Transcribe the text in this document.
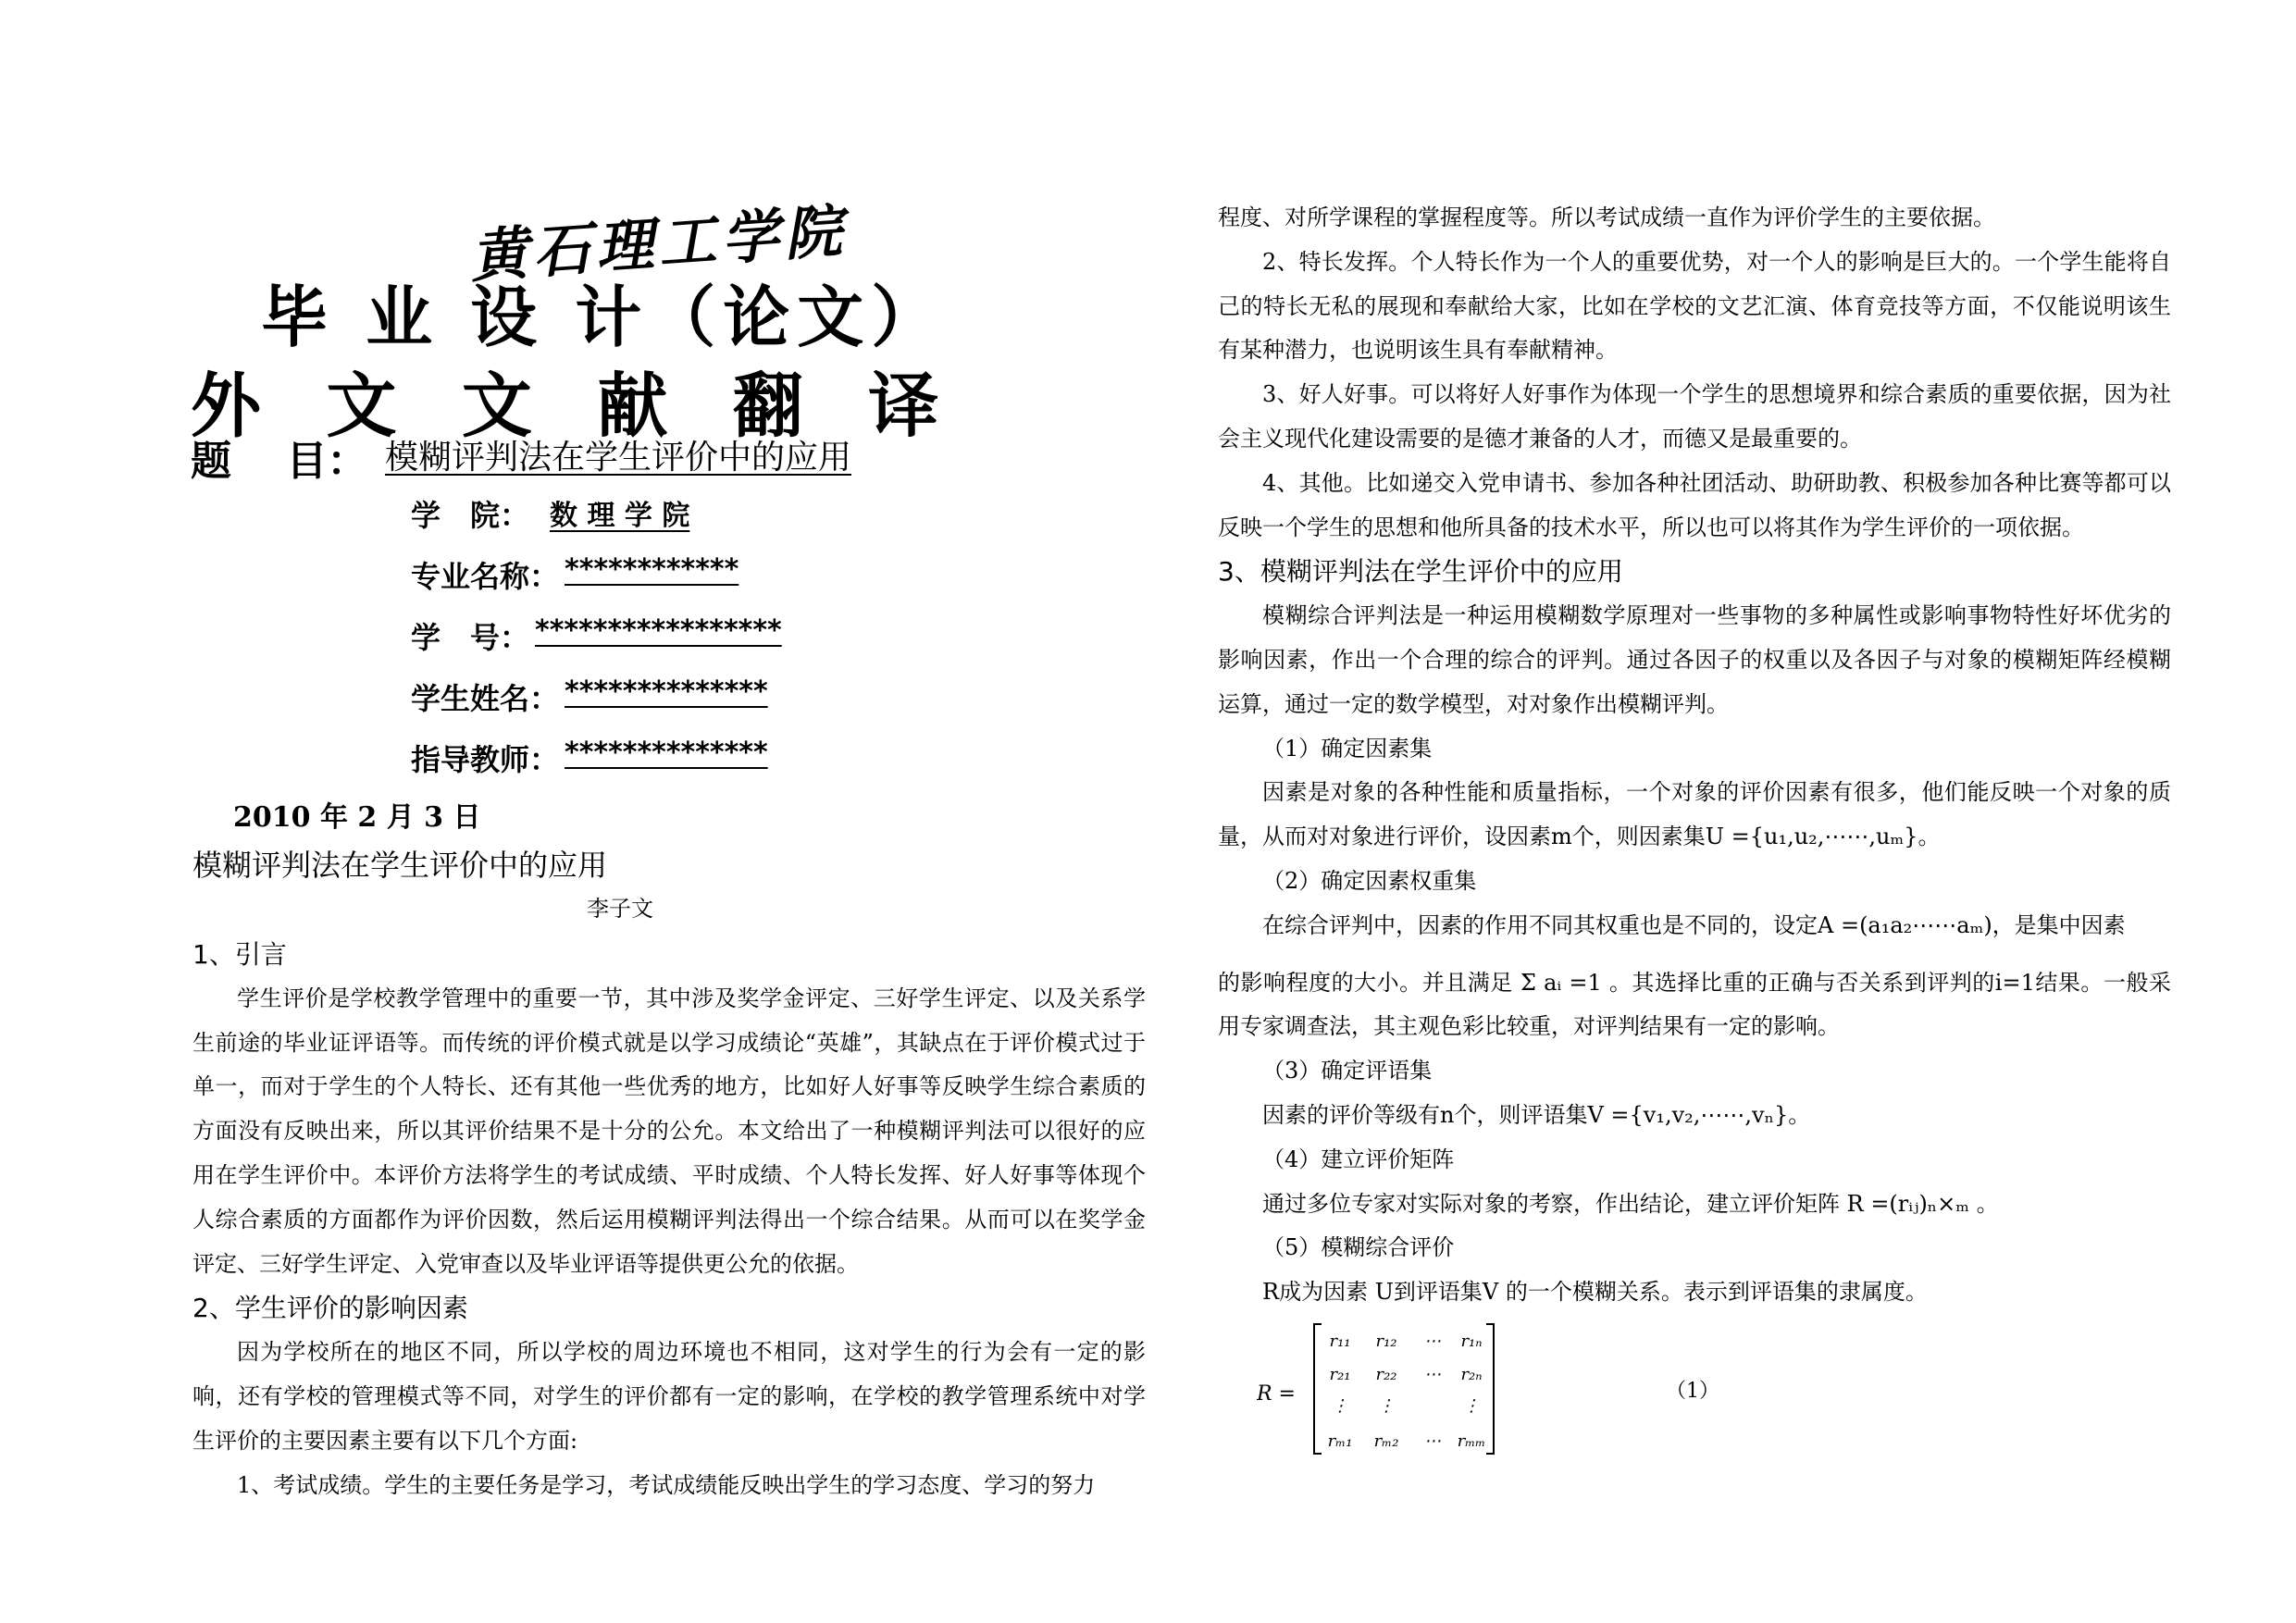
黄石理工学院
毕 业 设 计（论文）
外 文 文 献 翻 译
题　 目： 模糊评判法在学生评价中的应用
学　院： 数 理 学 院
专业名称： ************
学　号： *****************
学生姓名： **************
指导教师： **************
2010 年 2 月 3 日
模糊评判法在学生评价中的应用
李子文
1、引言

学生评价是学校教学管理中的重要一节，其中涉及奖学金评定、三好学生评定、以及关系学生前途的毕业证评语等。而传统的评价模式就是以学习成绩论“英雄”，其缺点在于评价模式过于单一，而对于学生的个人特长、还有其他一些优秀的地方，比如好人好事等反映学生综合素质的方面没有反映出来，所以其评价结果不是十分的公允。本文给出了一种模糊评判法可以很好的应用在学生评价中。本评价方法将学生的考试成绩、平时成绩、个人特长发挥、好人好事等体现个人综合素质的方面都作为评价因数，然后运用模糊评判法得出一个综合结果。从而可以在奖学金评定、三好学生评定、入党审查以及毕业评语等提供更公允的依据。

2、学生评价的影响因素

因为学校所在的地区不同，所以学校的周边环境也不相同，这对学生的行为会有一定的影响，还有学校的管理模式等不同，对学生的评价都有一定的影响，在学校的教学管理系统中对学生评价的主要因素主要有以下几个方面:

1、考试成绩。学生的主要任务是学习，考试成绩能反映出学生的学习态度、学习的努力

程度、对所学课程的掌握程度等。所以考试成绩一直作为评价学生的主要依据。

2、特长发挥。个人特长作为一个人的重要优势，对一个人的影响是巨大的。一个学生能将自己的特长无私的展现和奉献给大家，比如在学校的文艺汇演、体育竞技等方面，不仅能说明该生有某种潜力，也说明该生具有奉献精神。

3、好人好事。可以将好人好事作为体现一个学生的思想境界和综合素质的重要依据，因为社会主义现代化建设需要的是德才兼备的人才，而德又是最重要的。

4、其他。比如递交入党申请书、参加各种社团活动、助研助教、积极参加各种比赛等都可以反映一个学生的思想和他所具备的技术水平，所以也可以将其作为学生评价的一项依据。

3、模糊评判法在学生评价中的应用

模糊综合评判法是一种运用模糊数学原理对一些事物的多种属性或影响事物特性好坏优劣的影响因素，作出一个合理的综合的评判。通过各因子的权重以及各因子与对象的模糊矩阵经模糊运算，通过一定的数学模型，对对象作出模糊评判。

（1）确定因素集

因素是对象的各种性能和质量指标，一个对象的评价因素有很多，他们能反映一个对象的质量，从而对对象进行评价，设因素m个，则因素集U ={u₁,u₂,⋯⋯,uₘ}。

（2）确定因素权重集

在综合评判中，因素的作用不同其权重也是不同的，设定A =(a₁a₂⋯⋯aₘ)，是集中因素

的影响程度的大小。并且满足 Σ aᵢ =1 。其选择比重的正确与否关系到评判的i=1结果。一般采用专家调查法，其主观色彩比较重，对评判结果有一定的影响。

（3）确定评语集

因素的评价等级有n个，则评语集V ={v₁,v₂,⋯⋯,vₙ}。

（4）建立评价矩阵

通过多位专家对实际对象的考察，作出结论，建立评价矩阵 R =(rᵢⱼ)ₙ×ₘ 。

（5）模糊综合评价

R成为因素 U到评语集V 的一个模糊关系。表示到评语集的隶属度。

R =
r₁₁ r₁₂ ⋯ r₁ₙ
r₂₁ r₂₂ ⋯ r₂ₙ
⋮ ⋮	⋮
rₘ₁ rₘ₂ ⋯ rₘₘ
（1）
